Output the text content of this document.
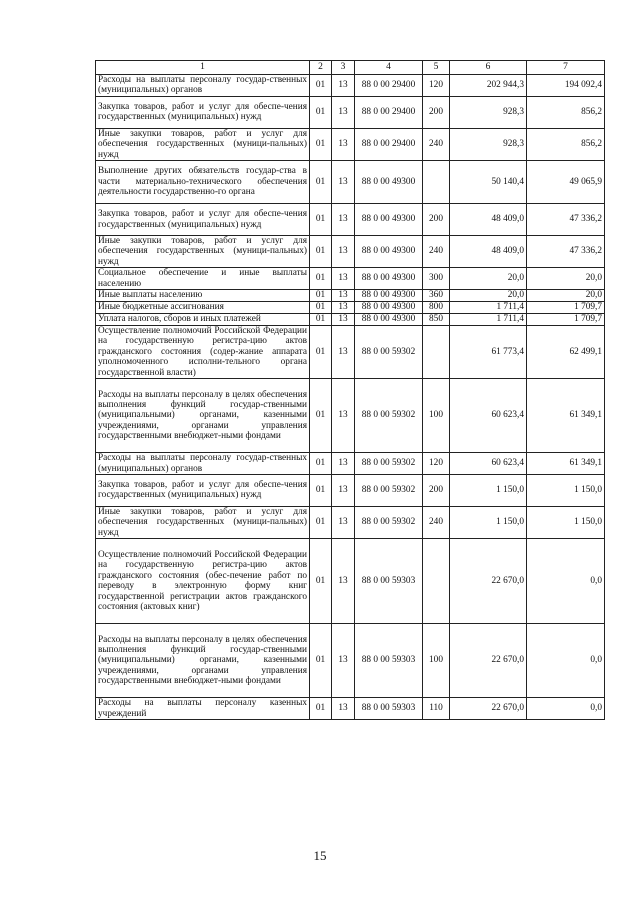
1	2	3	4	5	6	7
Расходы на выплаты персоналу государ-ственных (муниципальных) органов	01	13	88 0 00 29400	120	202 944,3	194 092,4
Закупка товаров, работ и услуг для обеспе-чения государственных (муниципальных) нужд	01	13	88 0 00 29400	200	928,3	856,2
Иные закупки товаров, работ и услуг для обеспечения государственных (муници-пальных) нужд	01	13	88 0 00 29400	240	928,3	856,2
Выполнение других обязательств государ-ства в части материально-технического обеспечения деятельности государственно-го органа	01	13	88 0 00 49300		50 140,4	49 065,9
Закупка товаров, работ и услуг для обеспе-чения государственных (муниципальных) нужд	01	13	88 0 00 49300	200	48 409,0	47 336,2
Иные закупки товаров, работ и услуг для обеспечения государственных (муници-пальных) нужд	01	13	88 0 00 49300	240	48 409,0	47 336,2
Социальное обеспечение и иные выплаты населению	01	13	88 0 00 49300	300	20,0	20,0
Иные выплаты населению	01	13	88 0 00 49300	360	20,0	20,0
Иные бюджетные ассигнования	01	13	88 0 00 49300	800	1 711,4	1 709,7
Уплата налогов, сборов и иных платежей	01	13	88 0 00 49300	850	1 711,4	1 709,7
Осуществление полномочий Российской Федерации на государственную регистра-цию актов гражданского состояния (содер-жание аппарата уполномоченного исполни-тельного органа государственной власти)	01	13	88 0 00 59302		61 773,4	62 499,1
Расходы на выплаты персоналу в целях обеспечения выполнения функций государ-ственными (муниципальными) органами, казенными учреждениями, органами управления государственными внебюджет-ными фондами	01	13	88 0 00 59302	100	60 623,4	61 349,1
Расходы на выплаты персоналу государ-ственных (муниципальных) органов	01	13	88 0 00 59302	120	60 623,4	61 349,1
Закупка товаров, работ и услуг для обеспе-чения государственных (муниципальных) нужд	01	13	88 0 00 59302	200	1 150,0	1 150,0
Иные закупки товаров, работ и услуг для обеспечения государственных (муници-пальных) нужд	01	13	88 0 00 59302	240	1 150,0	1 150,0
Осуществление полномочий Российской Федерации на государственную регистра-цию актов гражданского состояния (обес-печение работ по переводу в электронную форму книг государственной регистрации актов гражданского состояния (актовых книг)	01	13	88 0 00 59303		22 670,0	0,0
Расходы на выплаты персоналу в целях обеспечения выполнения функций государ-ственными (муниципальными) органами, казенными учреждениями, органами управления государственными внебюджет-ными фондами	01	13	88 0 00 59303	100	22 670,0	0,0
Расходы на выплаты персоналу казенных учреждений	01	13	88 0 00 59303	110	22 670,0	0,0
15
